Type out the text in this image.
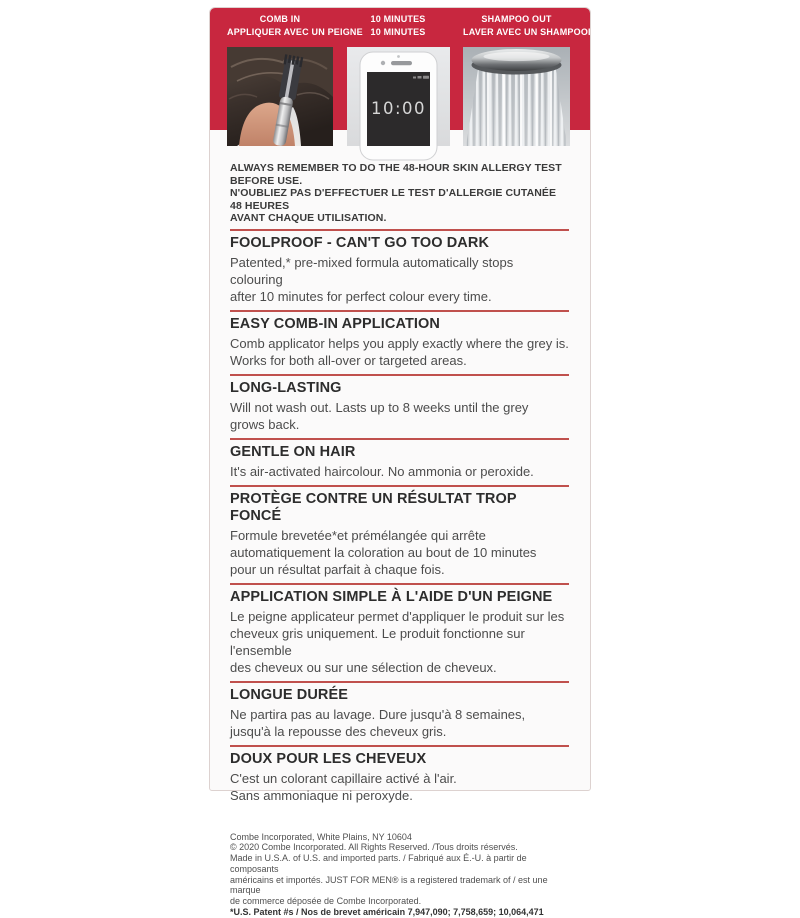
COMB IN
APPLIQUER AVEC UN PEIGNE
10 MINUTES
10 MINUTES
SHAMPOO OUT
LAVER AVEC UN SHAMPOOING
10:00
ALWAYS REMEMBER TO DO THE 48-HOUR SKIN ALLERGY TEST BEFORE USE.
N'OUBLIEZ PAS D'EFFECTUER LE TEST D'ALLERGIE CUTANÉE 48 HEURES
AVANT CHAQUE UTILISATION.
FOOLPROOF - CAN'T GO TOO DARK
Patented,* pre-mixed formula automatically stops colouring
after 10 minutes for perfect colour every time.
EASY COMB-IN APPLICATION
Comb applicator helps you apply exactly where the grey is.
Works for both all-over or targeted areas.
LONG-LASTING
Will not wash out. Lasts up to 8 weeks until the grey
grows back.
GENTLE ON HAIR
It's air-activated haircolour. No ammonia or peroxide.
PROTÈGE CONTRE UN RÉSULTAT TROP FONCÉ
Formule brevetée*et prémélangée qui arrête
automatiquement la coloration au bout de 10 minutes
pour un résultat parfait à chaque fois.
APPLICATION SIMPLE À L'AIDE D'UN PEIGNE
Le peigne applicateur permet d'appliquer le produit sur les
cheveux gris uniquement. Le produit fonctionne sur l'ensemble
des cheveux ou sur une sélection de cheveux.
LONGUE DURÉE
Ne partira pas au lavage. Dure jusqu'à 8 semaines,
jusqu'à la repousse des cheveux gris.
DOUX POUR LES CHEVEUX
C'est un colorant capillaire activé à l'air.
Sans ammoniaque ni peroxyde.
Combe Incorporated, White Plains, NY 10604
© 2020 Combe Incorporated. All Rights Reserved. /Tous droits réservés.
Made in U.S.A. of U.S. and imported parts. / Fabriqué aux É.-U. à partir de composants
américains et importés. JUST FOR MEN® is a registered trademark of / est une marque
de commerce déposée de Combe Incorporated.
*U.S. Patent #s / Nos de brevet américain 7,947,090; 7,758,659; 10,064,471
